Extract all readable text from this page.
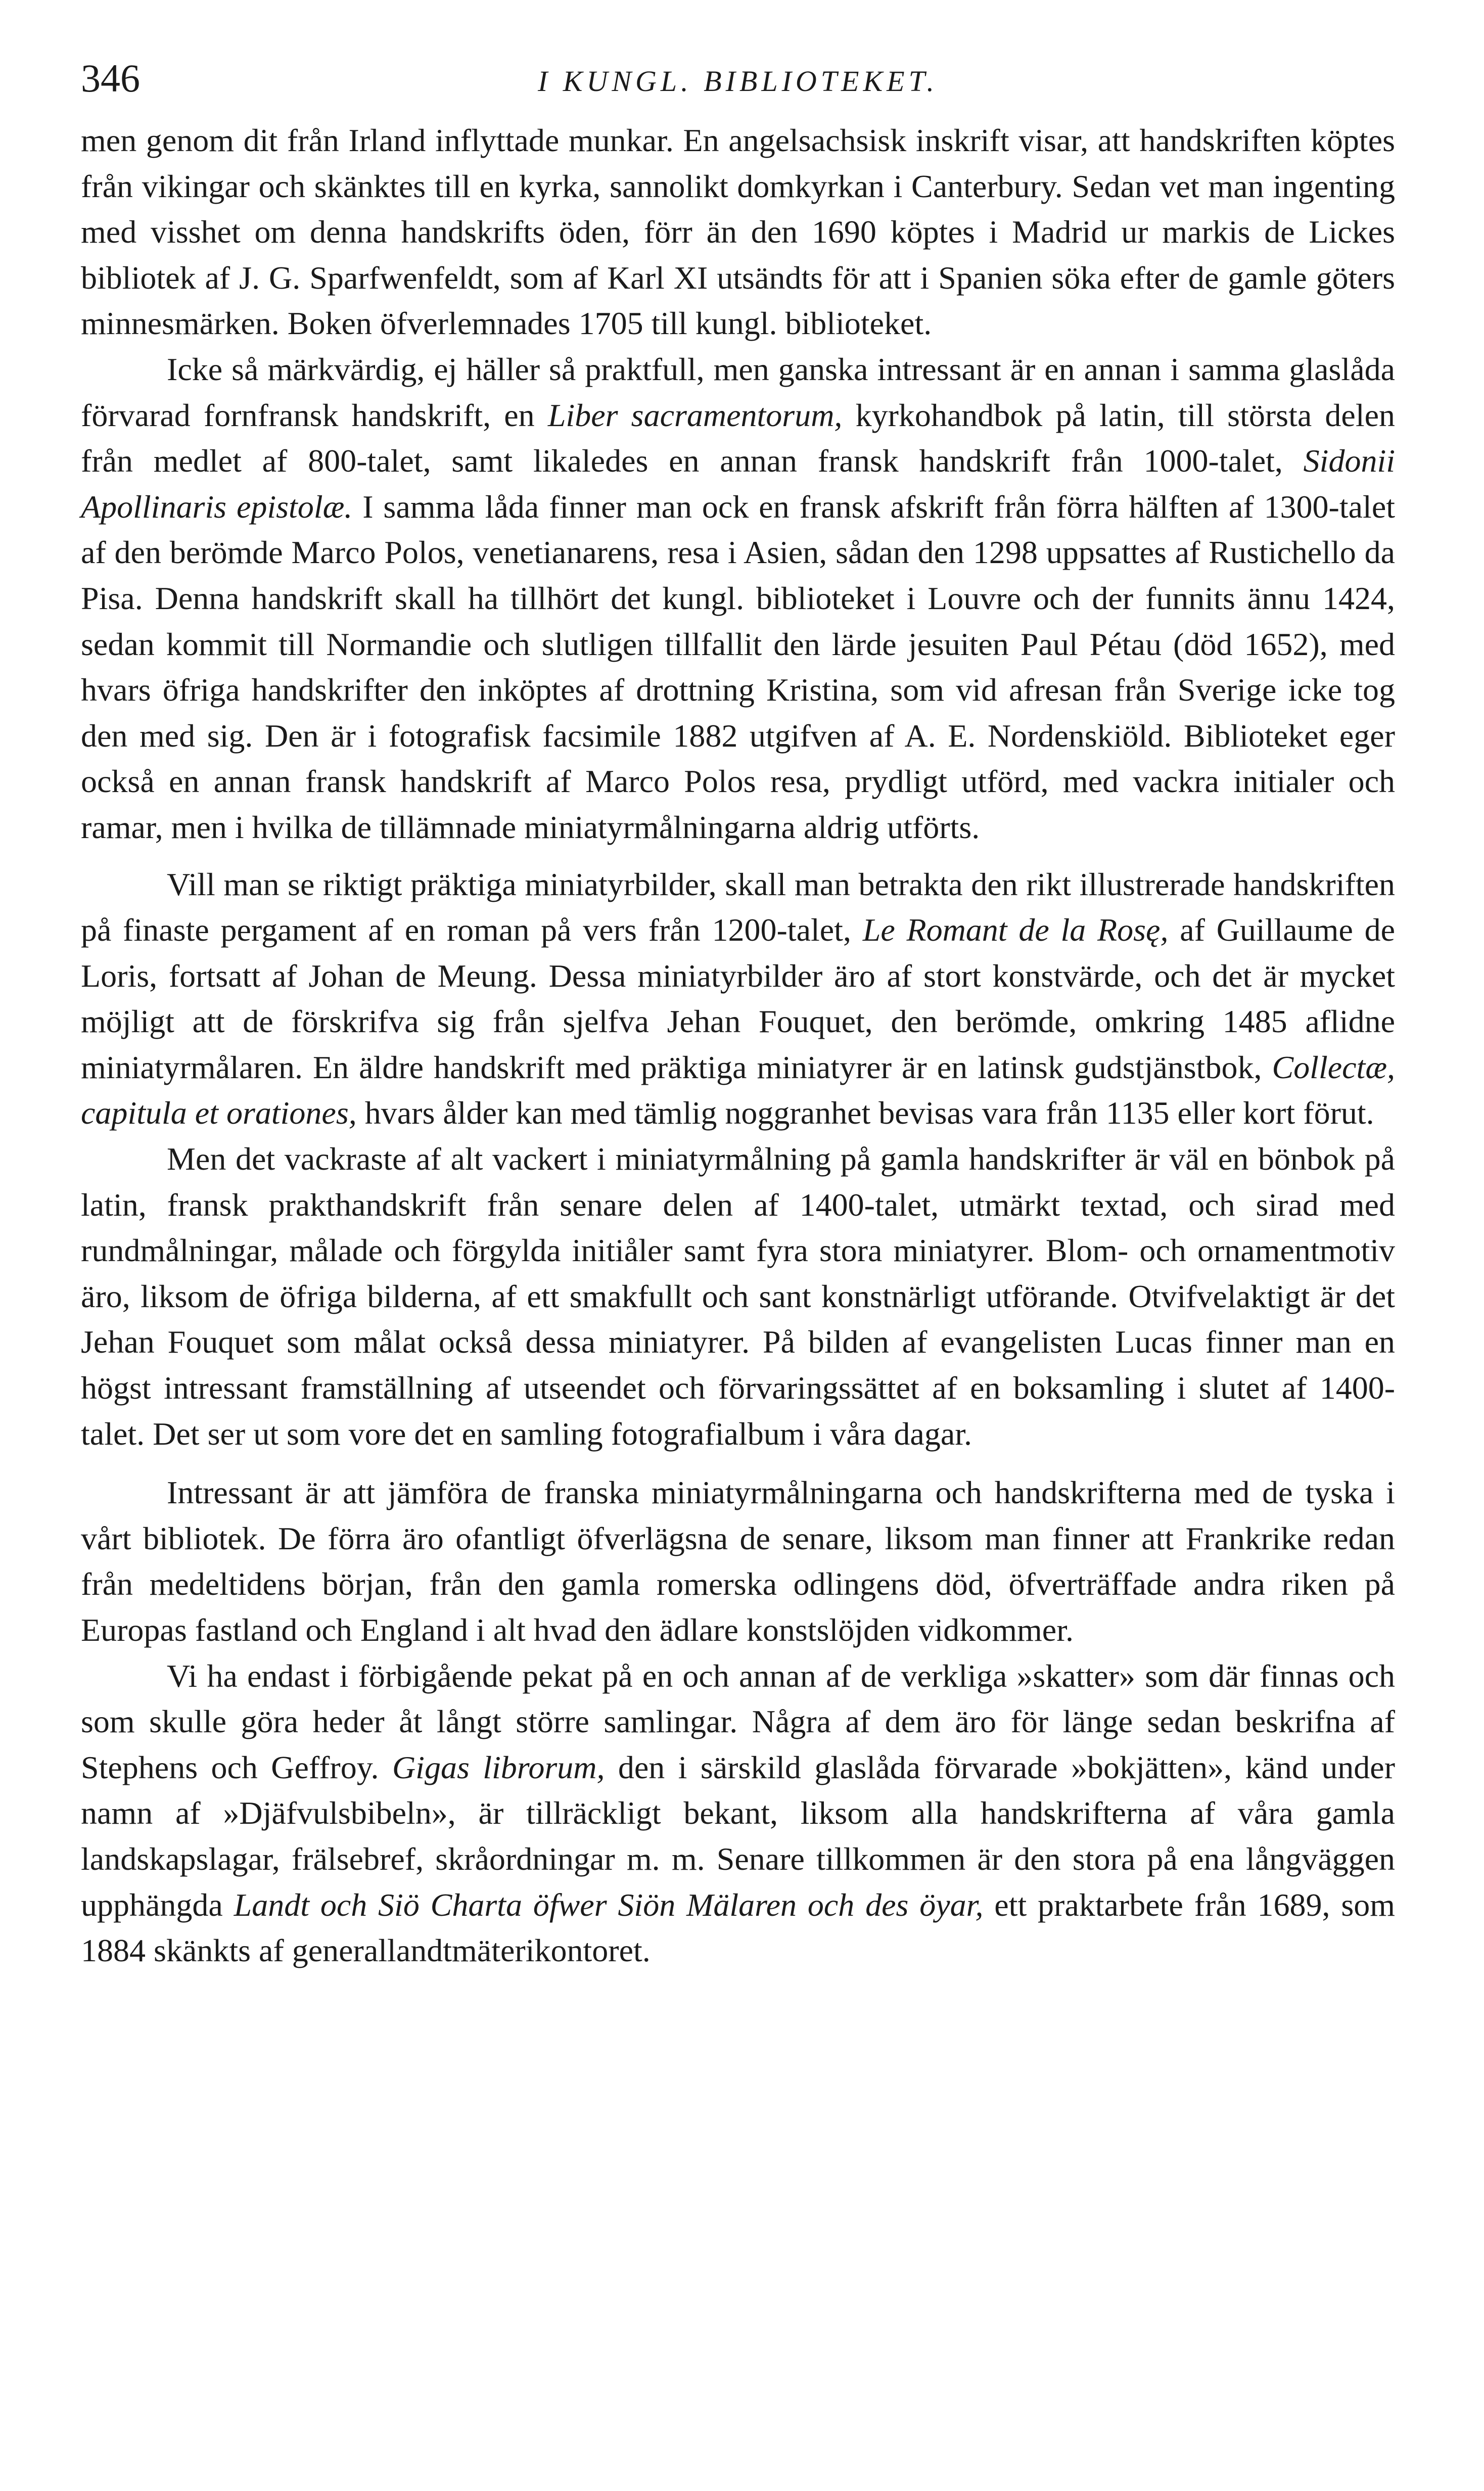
346	I KUNGL. BIBLIOTEKET.

men genom dit från Irland inflyttade munkar. En angelsachsisk inskrift visar, att handskriften köptes från vikingar och skänktes till en kyrka, sannolikt domkyrkan i Canterbury. Sedan vet man ingenting med visshet om denna handskrifts öden, förr än den 1690 köptes i Madrid ur markis de Lickes bibliotek af J. G. Sparfwenfeldt, som af Karl XI utsändts för att i Spanien söka efter de gamle göters minnesmärken. Boken öfverlemnades 1705 till kungl. biblioteket.

Icke så märkvärdig, ej häller så praktfull, men ganska intressant är en annan i samma glaslåda förvarad fornfransk handskrift, en Liber sacramentorum, kyrkohandbok på latin, till största delen från medlet af 800-talet, samt likaledes en annan fransk handskrift från 1000-talet, Sidonii Apollinaris epistolæ. I samma låda finner man ock en fransk afskrift från förra hälften af 1300-talet af den berömde Marco Polos, venetianarens, resa i Asien, sådan den 1298 uppsattes af Rustichello da Pisa. Denna handskrift skall ha tillhört det kungl. biblioteket i Louvre och der funnits ännu 1424, sedan kommit till Normandie och slutligen tillfallit den lärde jesuiten Paul Pétau (död 1652), med hvars öfriga handskrifter den inköptes af drottning Kristina, som vid afresan från Sverige icke tog den med sig. Den är i fotografisk facsimile 1882 utgifven af A. E. Nordenskiöld. Biblioteket eger också en annan fransk handskrift af Marco Polos resa, prydligt utförd, med vackra initialer och ramar, men i hvilka de tillämnade miniatyrmålningarna aldrig utförts.

Vill man se riktigt präktiga miniatyrbilder, skall man betrakta den rikt illustrerade handskriften på finaste pergament af en roman på vers från 1200-talet, Le Romant de la Rosę, af Guillaume de Loris, fortsatt af Johan de Meung. Dessa miniatyrbilder äro af stort konstvärde, och det är mycket möjligt att de förskrifva sig från sjelfva Jehan Fouquet, den berömde, omkring 1485 aflidne miniatyrmålaren. En äldre handskrift med präktiga miniatyrer är en latinsk gudstjänstbok, Collectæ, capitula et orationes, hvars ålder kan med tämlig noggranhet bevisas vara från 1135 eller kort förut.

Men det vackraste af alt vackert i miniatyrmålning på gamla handskrifter är väl en bönbok på latin, fransk prakthandskrift från senare delen af 1400-talet, utmärkt textad, och sirad med rundmålningar, målade och förgylda initiåler samt fyra stora miniatyrer. Blom- och ornamentmotiv äro, liksom de öfriga bilderna, af ett smakfullt och sant konstnärligt utförande. Otvifvelaktigt är det Jehan Fouquet som målat också dessa miniatyrer. På bilden af evangelisten Lucas finner man en högst intressant framställning af utseendet och förvaringssättet af en boksamling i slutet af 1400-talet. Det ser ut som vore det en samling fotografialbum i våra dagar.

Intressant är att jämföra de franska miniatyrmålningarna och handskrifterna med de tyska i vårt bibliotek. De förra äro ofantligt öfverlägsna de senare, liksom man finner att Frankrike redan från medeltidens början, från den gamla romerska odlingens död, öfverträffade andra riken på Europas fastland och England i alt hvad den ädlare konstslöjden vidkommer.

Vi ha endast i förbigående pekat på en och annan af de verkliga »skatter» som där finnas och som skulle göra heder åt långt större samlingar. Några af dem äro för länge sedan beskrifna af Stephens och Geffroy. Gigas librorum, den i särskild glaslåda förvarade »bokjätten», känd under namn af »Djäfvulsbibeln», är tillräckligt bekant, liksom alla handskrifterna af våra gamla landskapslagar, frälsebref, skråordningar m. m. Senare tillkommen är den stora på ena långväggen upphängda Landt och Siö Charta öfwer Siön Mälaren och des öyar, ett praktarbete från 1689, som 1884 skänkts af generallandtmäterikontoret.
